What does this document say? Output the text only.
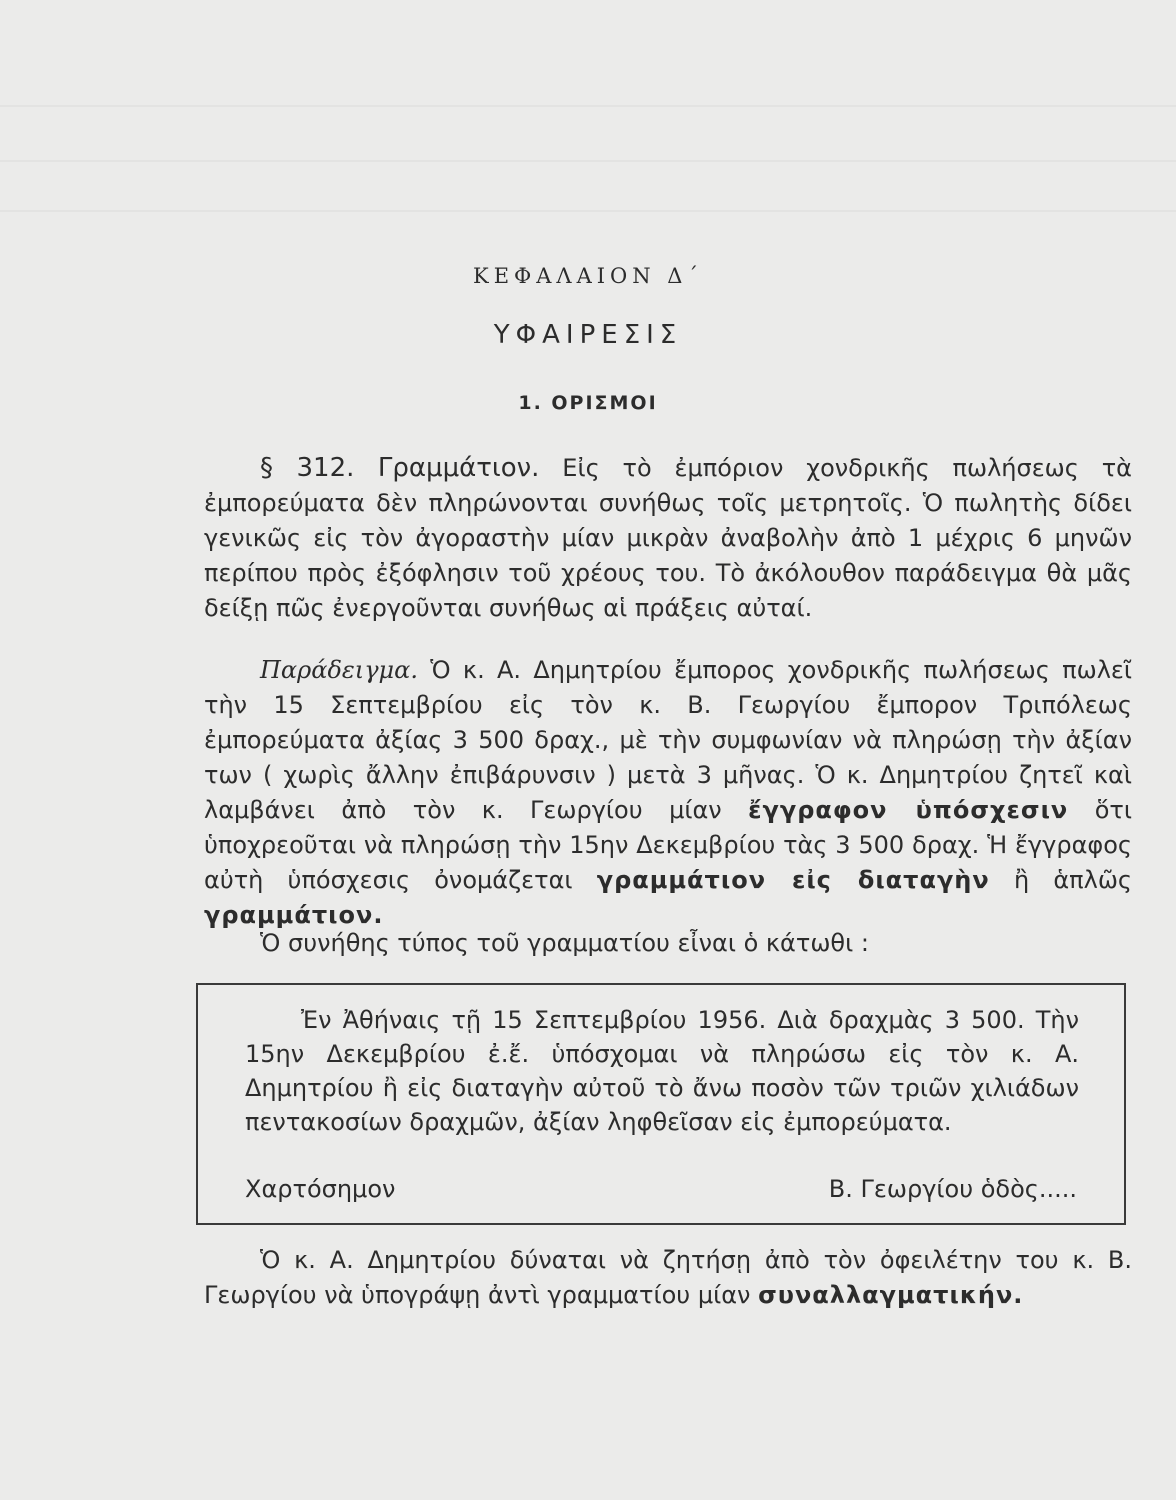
ΚΕΦΑΛΑΙΟΝ Δ΄
ΥΦΑΙΡΕΣΙΣ
1. ΟΡΙΣΜΟΙ
§ 312. Γραμμάτιον. Εἰς τὸ ἐμπόριον χονδρικῆς πωλήσεως τὰ ἐμπορεύματα δὲν πληρώνονται συνήθως τοῖς μετρητοῖς. Ὁ πωλητὴς δίδει γενικῶς εἰς τὸν ἀγοραστὴν μίαν μικρὰν ἀναβολὴν ἀπὸ 1 μέχρις 6 μηνῶν περίπου πρὸς ἐξόφλησιν τοῦ χρέους του. Τὸ ἀκόλουθον παράδειγμα θὰ μᾶς δείξῃ πῶς ἐνεργοῦνται συνήθως αἱ πράξεις αὐταί.
Παράδειγμα. Ὁ κ. Α. Δημητρίου ἔμπορος χονδρικῆς πωλήσεως πωλεῖ τὴν 15 Σεπτεμβρίου εἰς τὸν κ. Β. Γεωργίου ἔμπορον Τριπόλεως ἐμπορεύματα ἀξίας 3 500 δραχ., μὲ τὴν συμφωνίαν νὰ πληρώσῃ τὴν ἀξίαν των ( χωρὶς ἄλλην ἐπιβάρυνσιν ) μετὰ 3 μῆνας. Ὁ κ. Δημητρίου ζητεῖ καὶ λαμβάνει ἀπὸ τὸν κ. Γεωργίου μίαν ἔγγραφον ὑπόσχεσιν ὅτι ὑποχρεοῦται νὰ πληρώσῃ τὴν 15ην Δεκεμβρίου τὰς 3 500 δραχ. Ἡ ἔγγραφος αὐτὴ ὑπόσχεσις ὀνομάζεται γραμμάτιον εἰς διαταγὴν ἢ ἁπλῶς γραμμάτιον.
Ὁ συνήθης τύπος τοῦ γραμματίου εἶναι ὁ κάτωθι :
Ἐν Ἀθήναις τῇ 15 Σεπτεμβρίου 1956. Διὰ δραχμὰς 3 500. Τὴν 15ην Δεκεμβρίου ἐ.ἔ. ὑπόσχομαι νὰ πληρώσω εἰς τὸν κ. Α. Δημητρίου ἢ εἰς διαταγὴν αὐτοῦ τὸ ἄνω ποσὸν τῶν τριῶν χιλιάδων πεντακοσίων δραχμῶν, ἀξίαν ληφθεῖσαν εἰς ἐμπορεύματα.
Χαρτόσημον	Β. Γεωργίου ὁδὸς.....
Ὁ κ. Α. Δημητρίου δύναται νὰ ζητήσῃ ἀπὸ τὸν ὀφειλέτην του κ. Β. Γεωργίου νὰ ὑπογράψῃ ἀντὶ γραμματίου μίαν συναλλαγματικήν.
